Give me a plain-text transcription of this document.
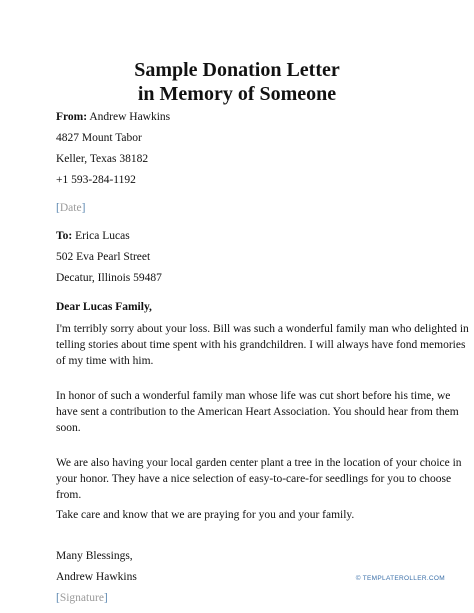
Sample Donation Letter
in Memory of Someone
From: Andrew Hawkins
4827 Mount Tabor
Keller, Texas 38182
+1 593-284-1192
[Date]
To: Erica Lucas
502 Eva Pearl Street
Decatur, Illinois 59487
Dear Lucas Family,
I'm terribly sorry about your loss. Bill was such a wonderful family man who delighted in
telling stories about time spent with his grandchildren. I will always have fond memories
of my time with him.
In honor of such a wonderful family man whose life was cut short before his time, we
have sent a contribution to the American Heart Association. You should hear from them
soon.
We are also having your local garden center plant a tree in the location of your choice in
your honor. They have a nice selection of easy-to-care-for seedlings for you to choose
from.
Take care and know that we are praying for you and your family.
Many Blessings,
Andrew Hawkins
[Signature]
© TEMPLATEROLLER.COM
